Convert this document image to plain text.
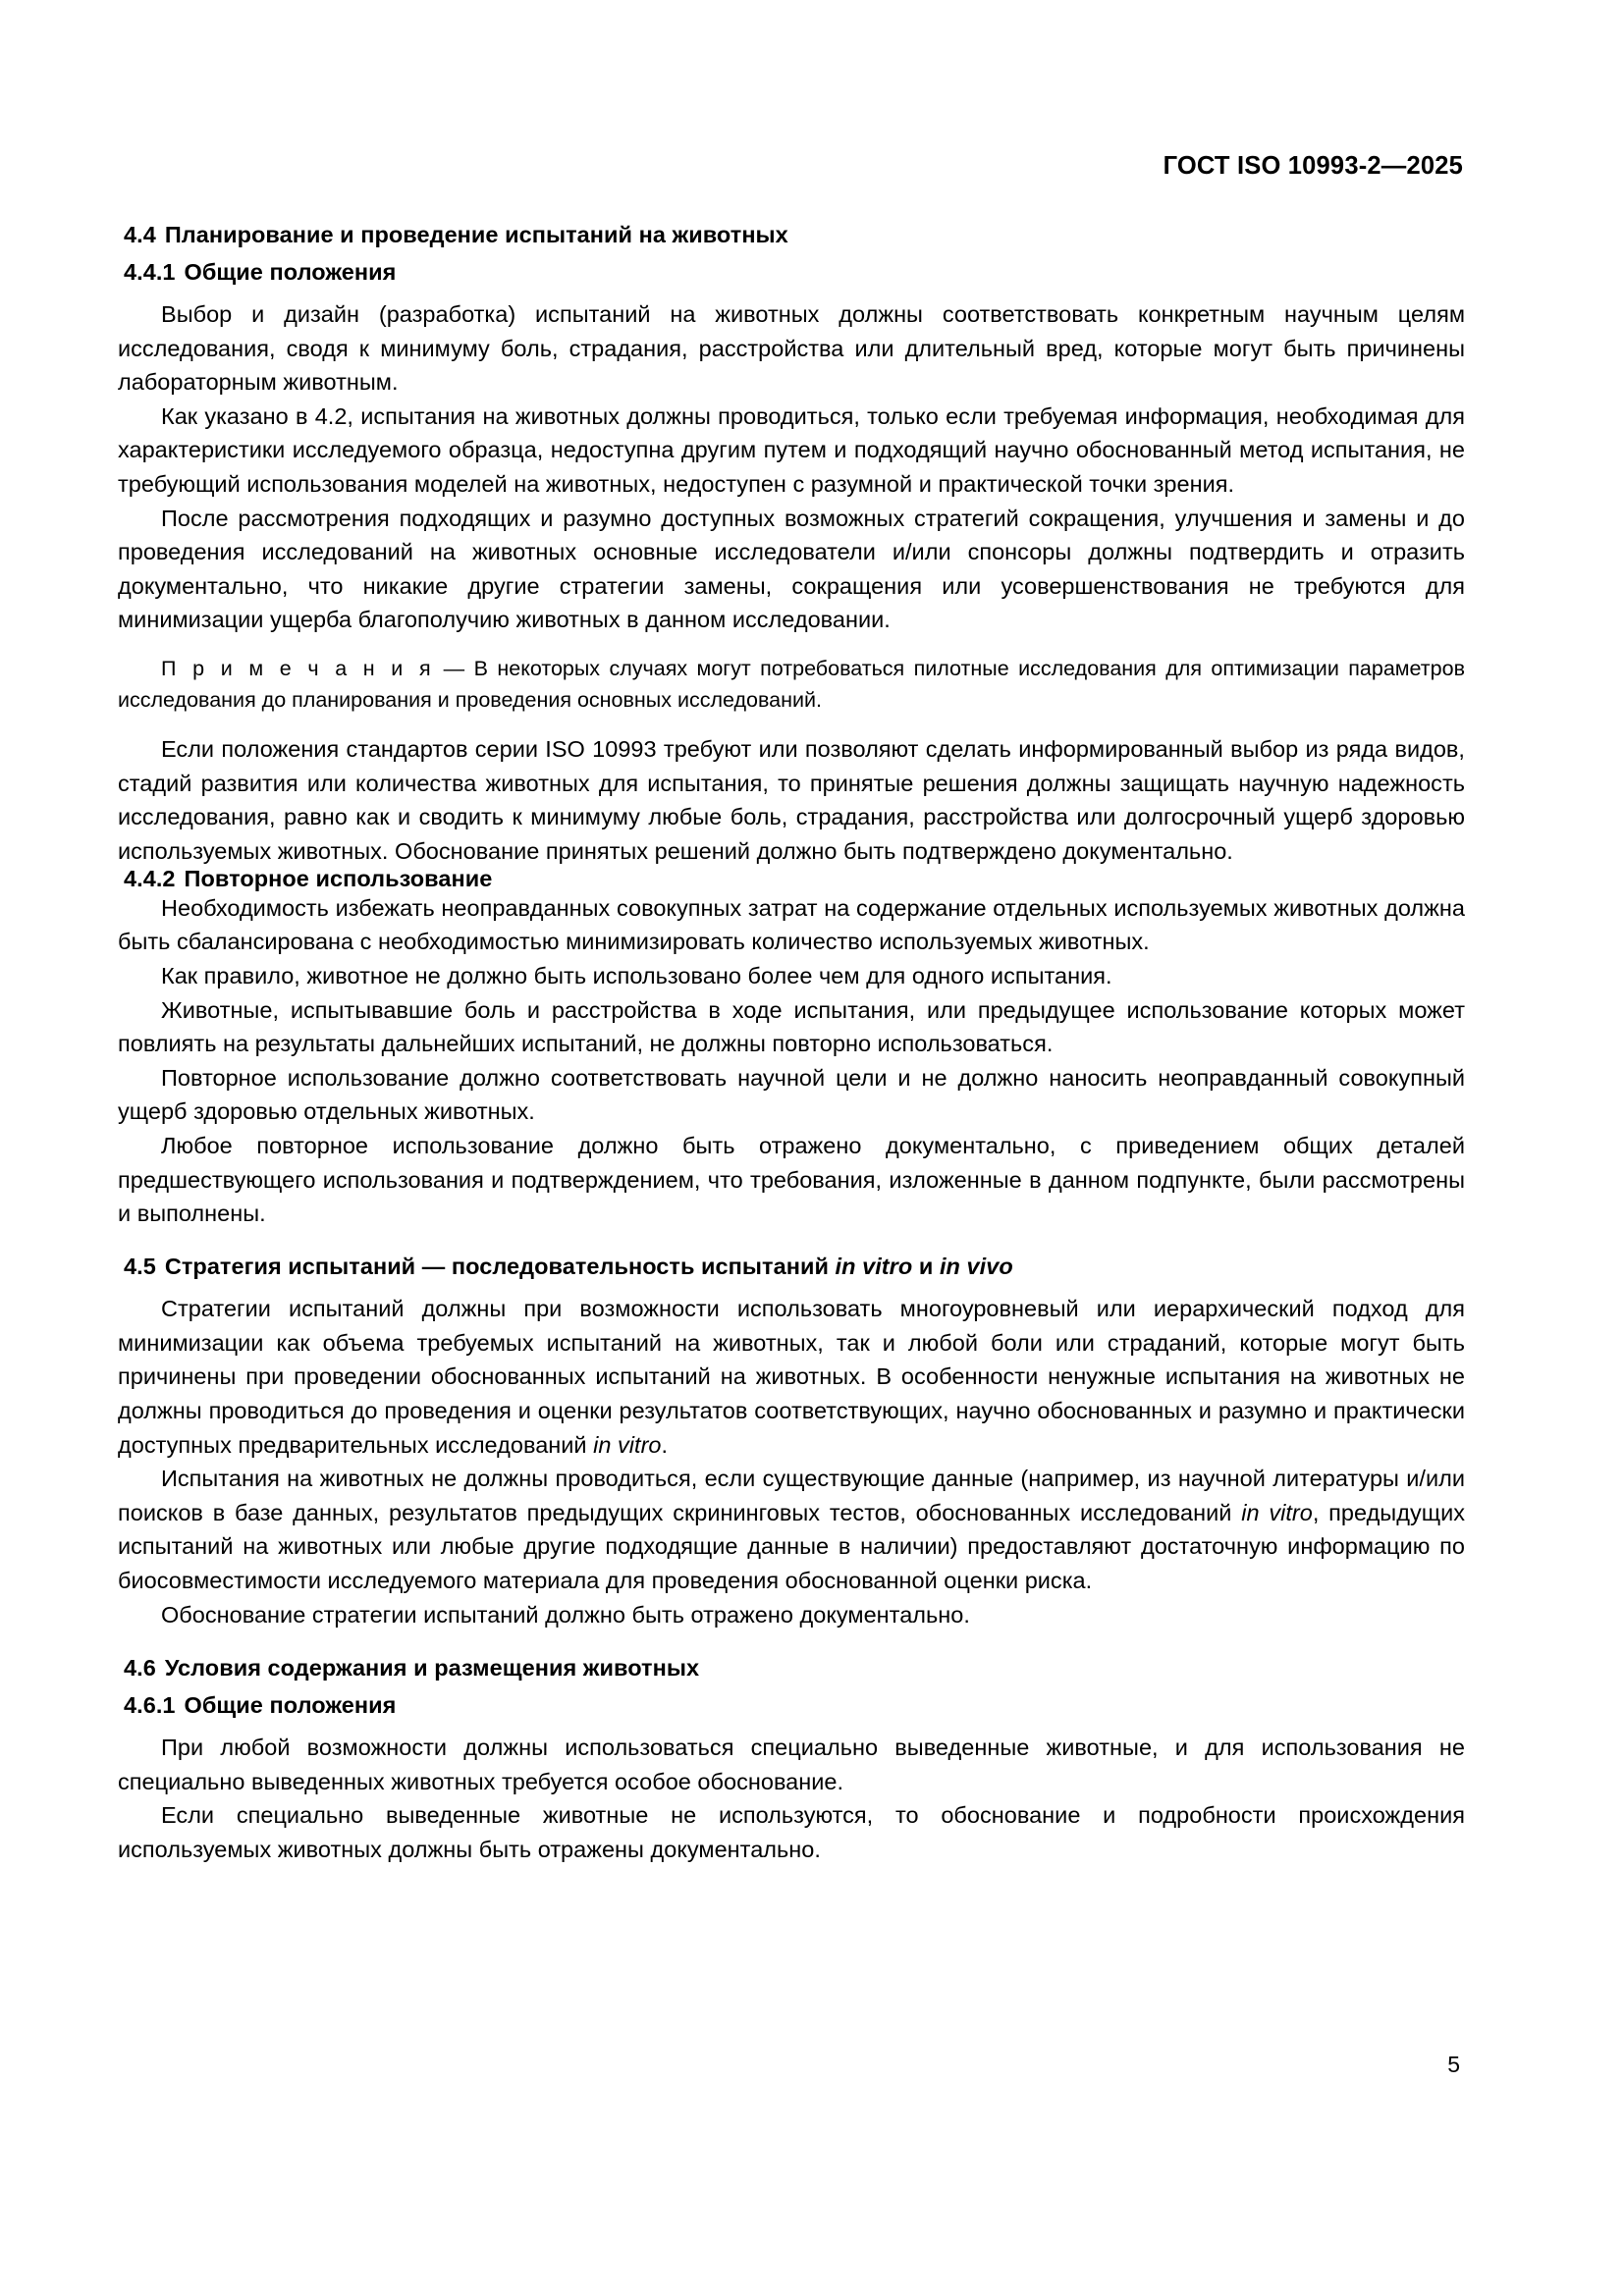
ГОСТ ISO 10993-2—2025
4.4 Планирование и проведение испытаний на животных
4.4.1 Общие положения

Выбор и дизайн (разработка) испытаний на животных должны соответствовать конкретным научным целям исследования, сводя к минимуму боль, страдания, расстройства или длительный вред, которые могут быть причинены лабораторным животным.

Как указано в 4.2, испытания на животных должны проводиться, только если требуемая информация, необходимая для характеристики исследуемого образца, недоступна другим путем и подходящий научно обоснованный метод испытания, не требующий использования моделей на животных, недоступен с разумной и практической точки зрения.

После рассмотрения подходящих и разумно доступных возможных стратегий сокращения, улучшения и замены и до проведения исследований на животных основные исследователи и/или спонсоры должны подтвердить и отразить документально, что никакие другие стратегии замены, сокращения или усовершенствования не требуются для минимизации ущерба благополучию животных в данном исследовании.

П р и м е ч а н и я — В некоторых случаях могут потребоваться пилотные исследования для оптимизации параметров исследования до планирования и проведения основных исследований.

Если положения стандартов серии ISO 10993 требуют или позволяют сделать информированный выбор из ряда видов, стадий развития или количества животных для испытания, то принятые решения должны защищать научную надежность исследования, равно как и сводить к минимуму любые боль, страдания, расстройства или долгосрочный ущерб здоровью используемых животных. Обоснование принятых решений должно быть подтверждено документально.

4.4.2 Повторное использование

Необходимость избежать неоправданных совокупных затрат на содержание отдельных используемых животных должна быть сбалансирована с необходимостью минимизировать количество используемых животных.

Как правило, животное не должно быть использовано более чем для одного испытания.

Животные, испытывавшие боль и расстройства в ходе испытания, или предыдущее использование которых может повлиять на результаты дальнейших испытаний, не должны повторно использоваться.

Повторное использование должно соответствовать научной цели и не должно наносить неоправданный совокупный ущерб здоровью отдельных животных.

Любое повторное использование должно быть отражено документально, с приведением общих деталей предшествующего использования и подтверждением, что требования, изложенные в данном подпункте, были рассмотрены и выполнены.

4.5 Стратегия испытаний — последовательность испытаний in vitro и in vivo

Стратегии испытаний должны при возможности использовать многоуровневый или иерархический подход для минимизации как объема требуемых испытаний на животных, так и любой боли или страданий, которые могут быть причинены при проведении обоснованных испытаний на животных. В особенности ненужные испытания на животных не должны проводиться до проведения и оценки результатов соответствующих, научно обоснованных и разумно и практически доступных предварительных исследований in vitro.

Испытания на животных не должны проводиться, если существующие данные (например, из научной литературы и/или поисков в базе данных, результатов предыдущих скрининговых тестов, обоснованных исследований in vitro, предыдущих испытаний на животных или любые другие подходящие данные в наличии) предоставляют достаточную информацию по биосовместимости исследуемого материала для проведения обоснованной оценки риска.

Обоснование стратегии испытаний должно быть отражено документально.

4.6 Условия содержания и размещения животных
4.6.1 Общие положения

При любой возможности должны использоваться специально выведенные животные, и для использования не специально выведенных животных требуется особое обоснование.

Если специально выведенные животные не используются, то обоснование и подробности происхождения используемых животных должны быть отражены документально.

5
